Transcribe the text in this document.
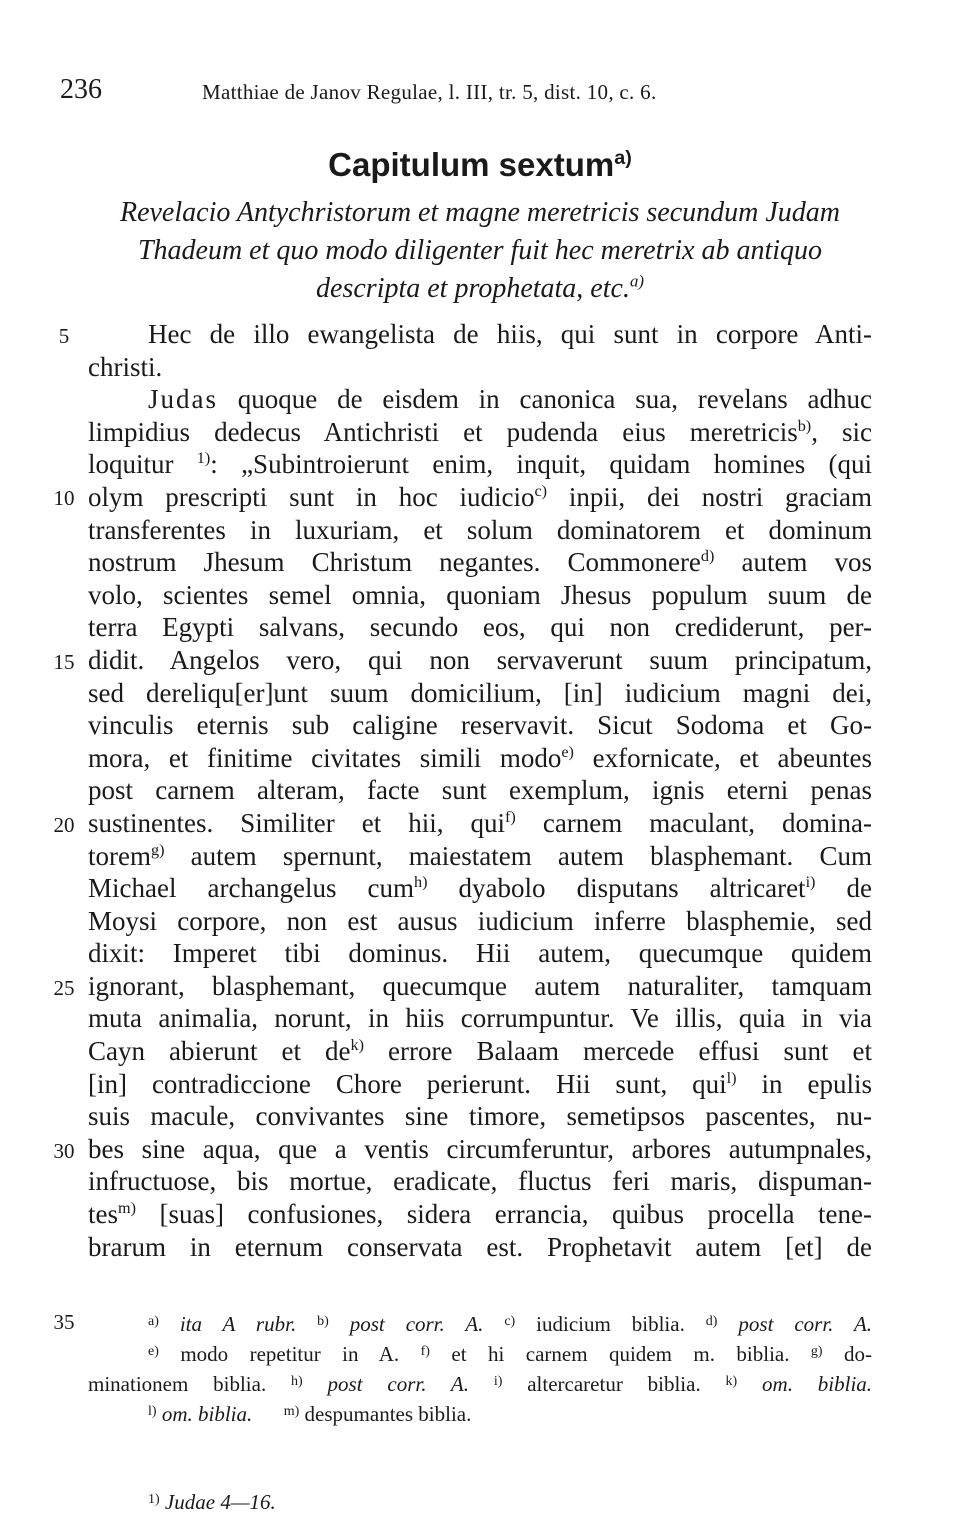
236	Matthiae de Janov Regulae, l. III, tr. 5, dist. 10, c. 6.
Capitulum sextum$^{a)}$
Revelacio Antychristorum et magne meretricis secundum Judam
Thadeum et quo modo diligenter fuit hec meretrix ab antiquo
descripta et prophetata, etc.$^{a)}$
5
10
15
20
25
30
35
Hec de illo ewangelista de hiis, qui sunt in corpore Anti-
christi.
Judas quoque de eisdem in canonica sua, revelans adhuc
limpidius dedecus Antichristi et pudenda eius meretricis$^{b)}$, sic
loquitur $^{1)}$: „Subintroierunt enim, inquit, quidam homines (qui
olym prescripti sunt in hoc iudicio$^{c)}$ inpii, dei nostri graciam
transferentes in luxuriam, et solum dominatorem et dominum
nostrum Jhesum Christum negantes. Commonere$^{d)}$ autem vos
volo, scientes semel omnia, quoniam Jhesus populum suum de
terra Egypti salvans, secundo eos, qui non crediderunt, per-
didit. Angelos vero, qui non servaverunt suum principatum,
sed dereliqu[er]unt suum domicilium, [in] iudicium magni dei,
vinculis eternis sub caligine reservavit. Sicut Sodoma et Go-
mora, et finitime civitates simili modo$^{e)}$ exfornicate, et abeuntes
post carnem alteram, facte sunt exemplum, ignis eterni penas
sustinentes. Similiter et hii, qui$^{f)}$ carnem maculant, domina-
torem$^{g)}$ autem spernunt, maiestatem autem blasphemant. Cum
Michael archangelus cum$^{h)}$ dyabolo disputans altricaret$^{i)}$ de
Moysi corpore, non est ausus iudicium inferre blasphemie, sed
dixit: Imperet tibi dominus. Hii autem, quecumque quidem
ignorant, blasphemant, quecumque autem naturaliter, tamquam
muta animalia, norunt, in hiis corrumpuntur. Ve illis, quia in via
Cayn abierunt et $de^{k)}$ errore Balaam mercede effusi sunt et
[in] contradiccione Chore perierunt. Hii sunt, qui$^{l)}$ in epulis
suis macule, convivantes sine timore, semetipsos pascentes, nu-
bes sine aqua, que a ventis circumferuntur, arbores autumpnales,
infructuose, bis mortue, eradicate, fluctus feri maris, dispuman-
tes$^{m)}$ [suas] confusiones, sidera errancia, quibus procella tene-
brarum in eternum conservata est. Prophetavit autem [et] de
$^{a)}$ ita A rubr. $^{b)}$ post corr. A. $^{c)}$ iudicium biblia. $^{d)}$ post corr. A.
$^{e)}$ modo repetitur in A. $^{f)}$ et hi carnem quidem m. biblia. $^{g)}$ do-
minationem biblia. $^{h)}$ post corr. A. $^{i)}$ altercaretur biblia. $^{k)}$ om. biblia.
$^{l)}$ om. biblia. $^{m)}$ despumantes biblia.
$^{1)}$ Judae 4—16.
